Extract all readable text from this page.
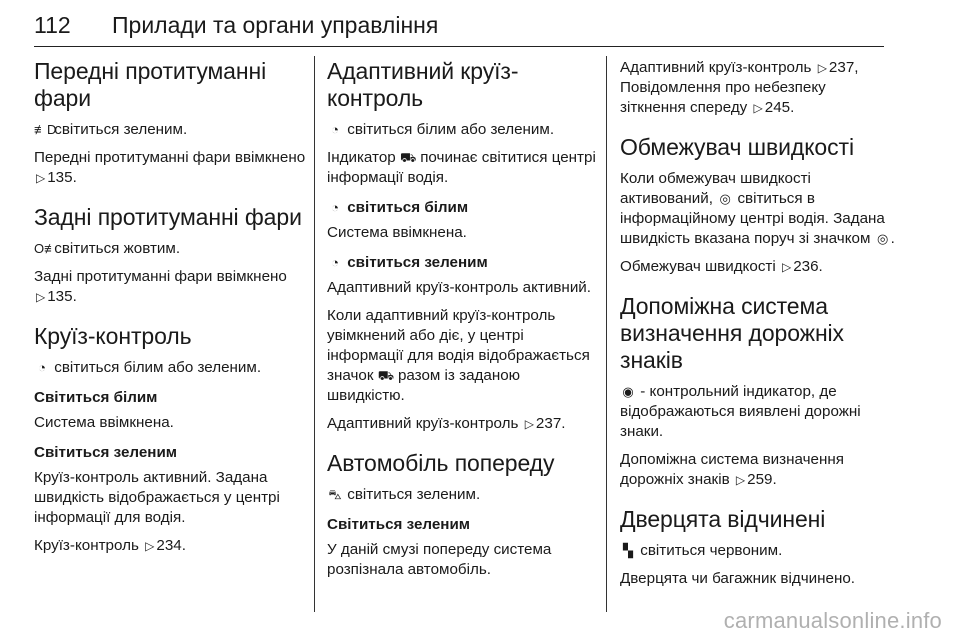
112	Прилади та органи управління
Передні протитуманні фари

≢D світиться зеленим.

Передні протитуманні фари ввімкнено ▷ 135.

Задні протитуманні фари

O≢ світиться жовтим.

Задні протитуманні фари ввімкнено ▷ 135.

Круїз-контроль

◔ світиться білим або зеленим.

Світиться білим

Система ввімкнена.

Світиться зеленим

Круїз-контроль активний. Задана швидкість відображається у центрі інформації для водія.

Круїз-контроль ▷ 234.

Адаптивний круїз-контроль

◔ світиться білим або зеленим.

Індикатор ⛟ починає світитися центрі інформації водія.

◔ світиться білим

Система ввімкнена.

◔ світиться зеленим

Адаптивний круїз-контроль активний.

Коли адаптивний круїз-контроль увімкнений або діє, у центрі інформації для водія відображається значок ⛟ разом із заданою швидкістю.

Адаптивний круїз-контроль ▷ 237.

Автомобіль попереду

⛍ світиться зеленим.

Світиться зеленим

У даній смузі попереду система розпізнала автомобіль.

Адаптивний круїз-контроль ▷ 237, Повідомлення про небезпеку зіткнення спереду ▷ 245.

Обмежувач швидкості

Коли обмежувач швидкості активований, ◎ світиться в інформаційному центрі водія. Задана швидкість вказана поруч зі значком ◎ .

Обмежувач швидкості ▷ 236.

Допоміжна система визначення дорожніх знаків

◉ - контрольний індикатор, де відображаються виявлені дорожні знаки.

Допоміжна система визначення дорожніх знаків ▷ 259.

Дверцята відчинені

▚ світиться червоним.

Дверцята чи багажник відчинено.

carmanualsonline.info
